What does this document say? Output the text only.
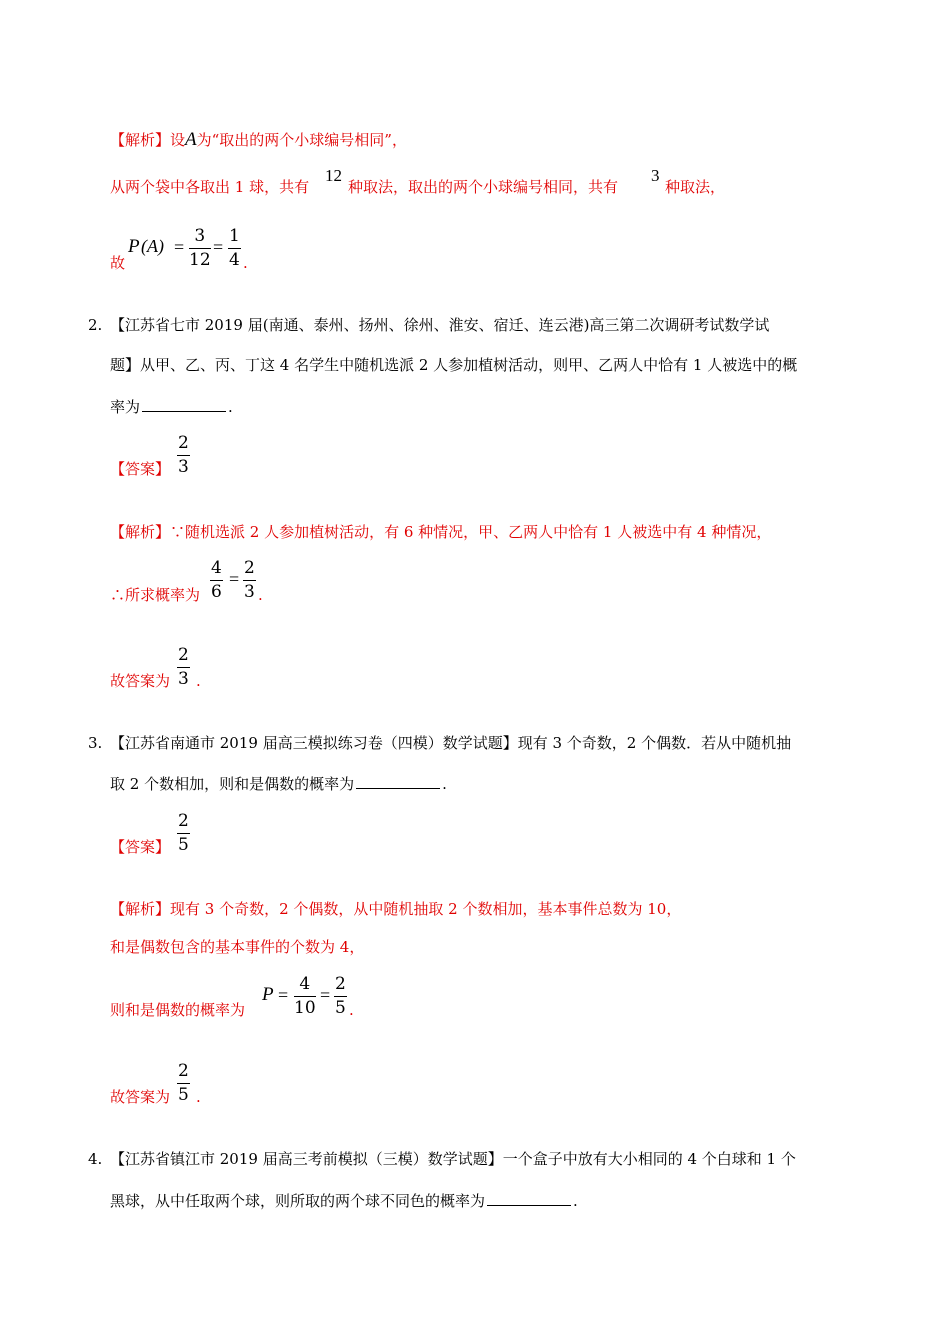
【解析】设A为“取出的两个小球编号相同”，
从两个袋中各取出 1 球，共有
12
种取法，取出的两个小球编号相同，共有
3
种取法，
故
P (A) =
3
12
=
1
4 .
2. 【江苏省七市 2019 届(南通、泰州、扬州、徐州、淮安、宿迁、连云港)高三第二次调研考试数学试
题】从甲、乙、丙、丁这 4 名学生中随机选派 2 人参加植树活动，则甲、乙两人中恰有 1 人被选中的概
率为	.
【答案】
2
3
【解析】∵随机选派 2 人参加植树活动，有 6 种情况，甲、乙两人中恰有 1 人被选中有 4 种情况，
∴所求概率为
4
6
=
2
3 .
故答案为
2
3 .
3. 【江苏省南通市 2019 届高三模拟练习卷（四模）数学试题】现有 3 个奇数，2 个偶数．若从中随机抽
取 2 个数相加，则和是偶数的概率为	.
【答案】
2
5
【解析】现有 3 个奇数，2 个偶数，从中随机抽取 2 个数相加，基本事件总数为 10，
和是偶数包含的基本事件的个数为 4，
则和是偶数的概率为
P =
4
10
=
2
5 .
故答案为
2
5 .
4. 【江苏省镇江市 2019 届高三考前模拟（三模）数学试题】一个盒子中放有大小相同的 4 个白球和 1 个
黑球，从中任取两个球，则所取的两个球不同色的概率为	.
